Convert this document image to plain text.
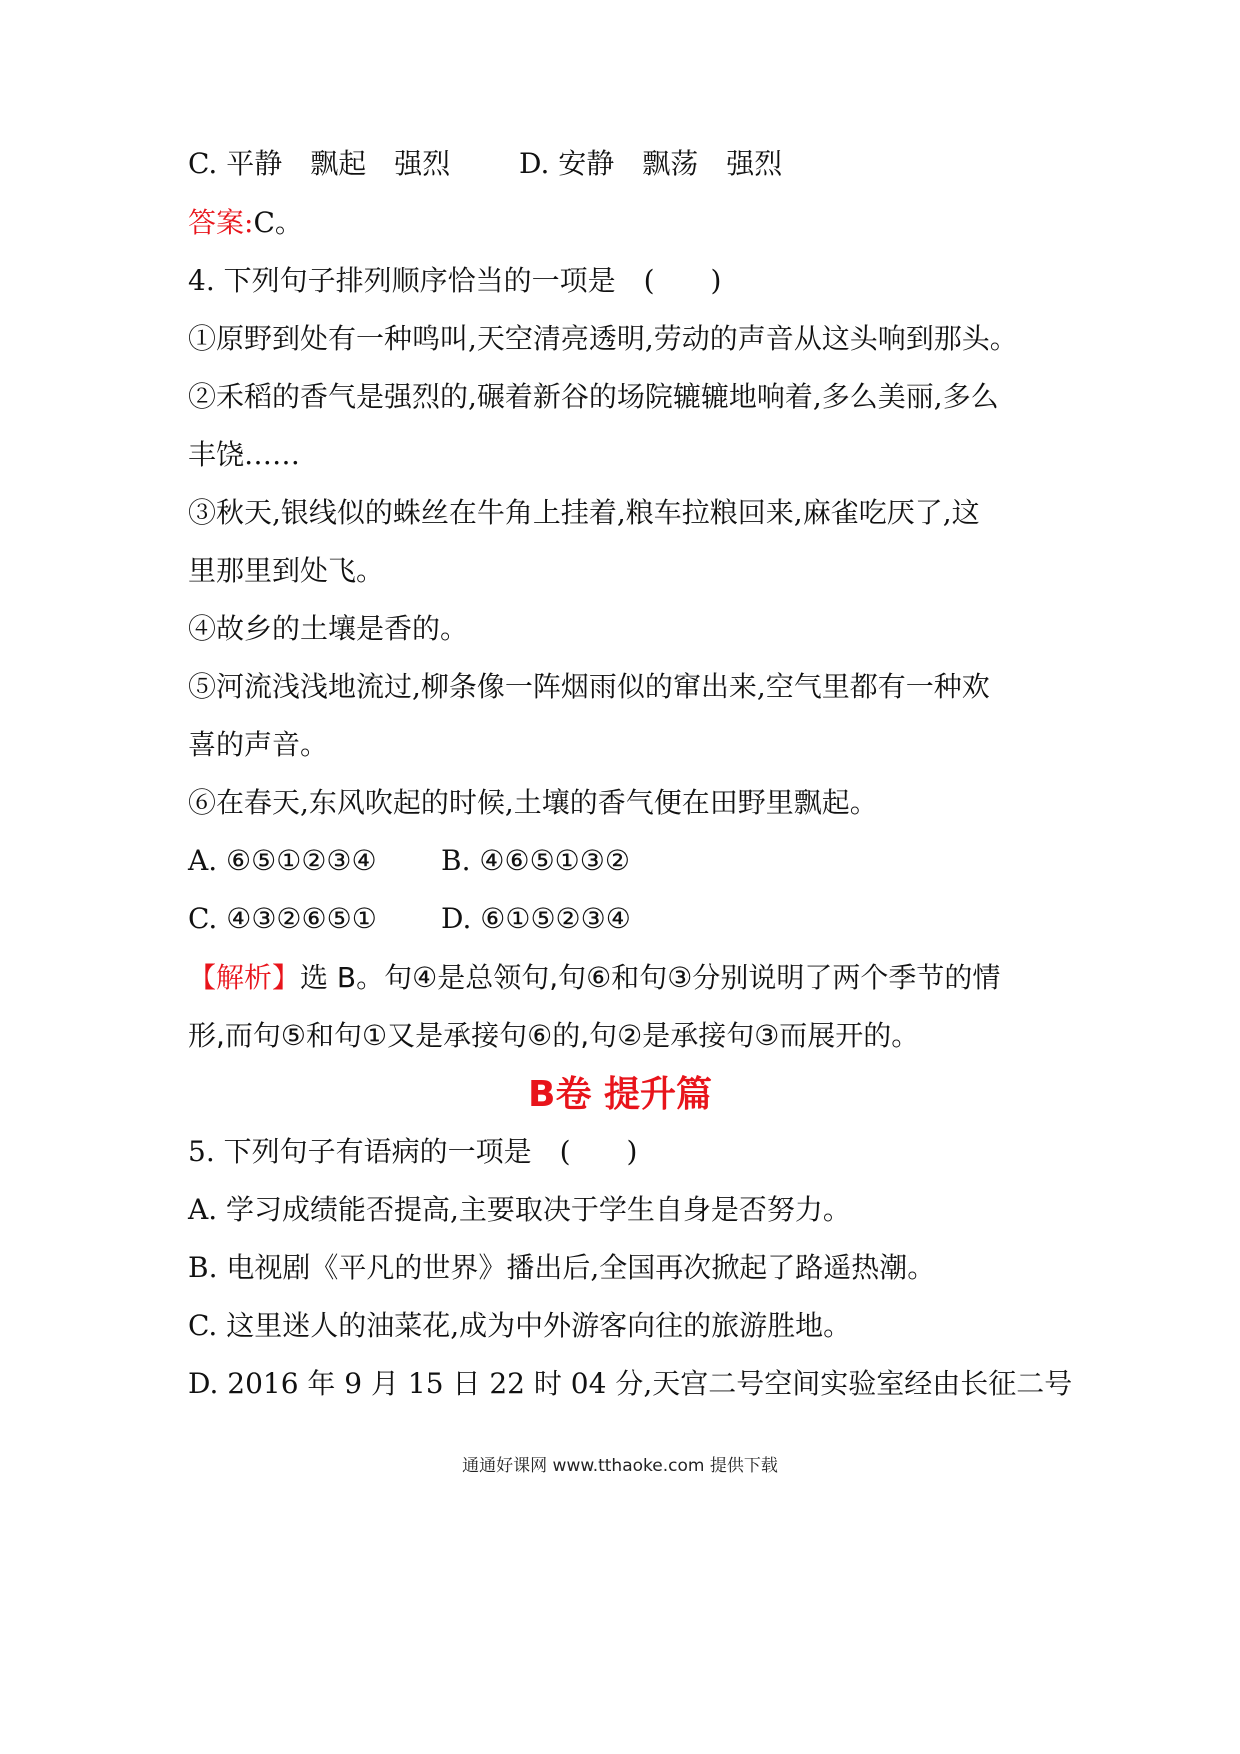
C. 平静　飘起　强烈 D. 安静　飘荡　强烈
答案:C。
4. 下列句子排列顺序恰当的一项是　(　　)
①原野到处有一种鸣叫,天空清亮透明,劳动的声音从这头响到那头。
②禾稻的香气是强烈的,碾着新谷的场院辘辘地响着,多么美丽,多么
丰饶……
③秋天,银线似的蛛丝在牛角上挂着,粮车拉粮回来,麻雀吃厌了,这
里那里到处飞。
④故乡的土壤是香的。
⑤河流浅浅地流过,柳条像一阵烟雨似的窜出来,空气里都有一种欢
喜的声音。
⑥在春天,东风吹起的时候,土壤的香气便在田野里飘起。
A. ⑥⑤①②③④ B. ④⑥⑤①③②
C. ④③②⑥⑤① D. ⑥①⑤②③④
【解析】选 B。句④是总领句,句⑥和句③分别说明了两个季节的情
形,而句⑤和句①又是承接句⑥的,句②是承接句③而展开的。
B卷 提升篇
5. 下列句子有语病的一项是　(　　)
A. 学习成绩能否提高,主要取决于学生自身是否努力。
B. 电视剧《平凡的世界》播出后,全国再次掀起了路遥热潮。
C. 这里迷人的油菜花,成为中外游客向往的旅游胜地。
D. 2016 年 9 月 15 日 22 时 04 分,天宫二号空间实验室经由长征二号
通通好课网 www.tthaoke.com 提供下载
